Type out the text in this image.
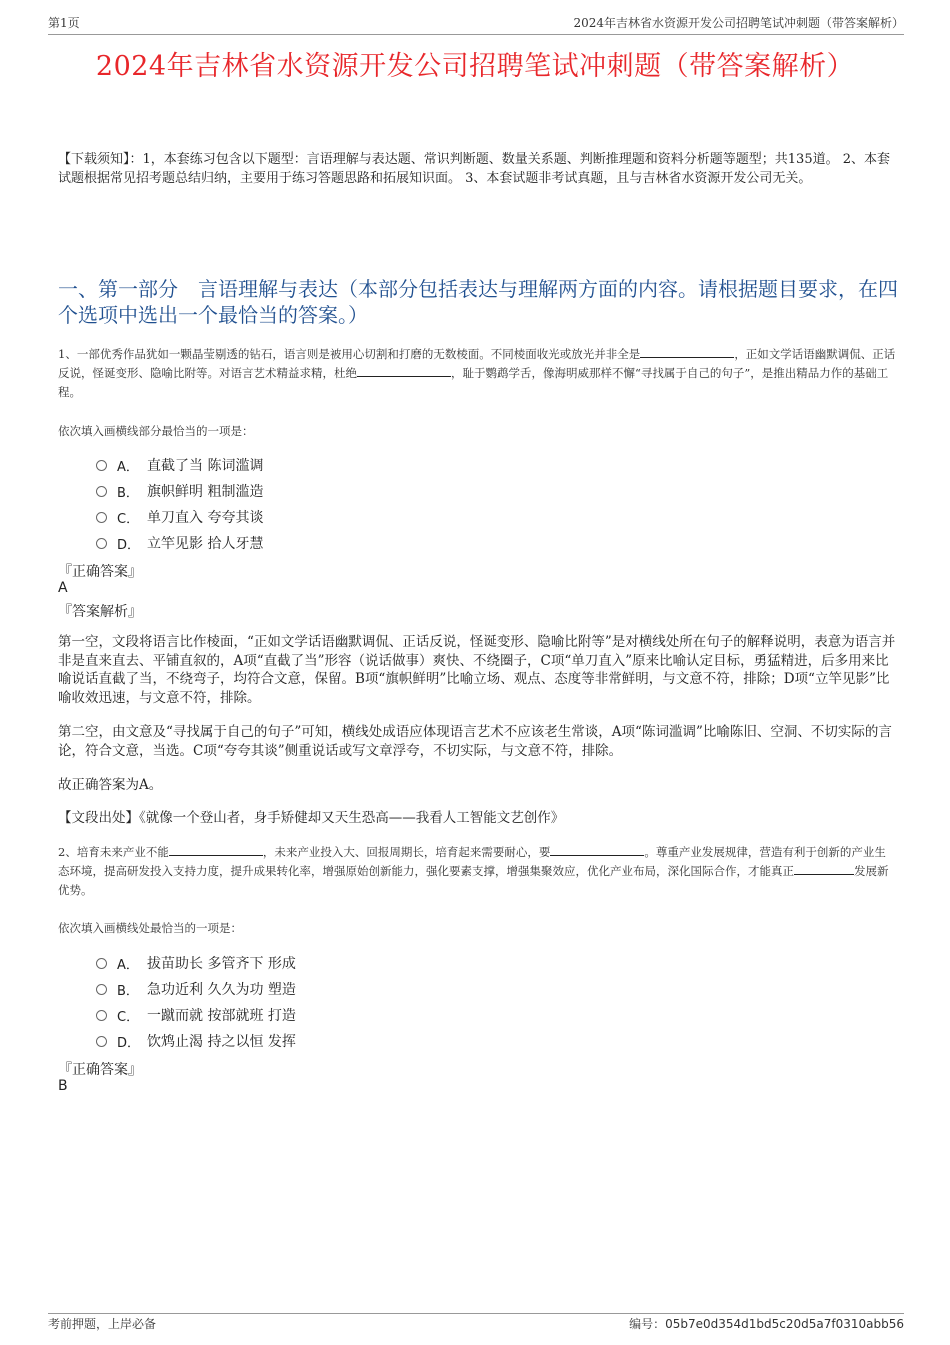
第1页	2024年吉林省水资源开发公司招聘笔试冲刺题（带答案解析）
2024年吉林省水资源开发公司招聘笔试冲刺题（带答案解析）
【下载须知】：1，本套练习包含以下题型：言语理解与表达题、常识判断题、数量关系题、判断推理题和资料分析题等题型；共135道。 2、本套试题根据常见招考题总结归纳，主要用于练习答题思路和拓展知识面。 3、本套试题非考试真题，且与吉林省水资源开发公司无关。
一、第一部分　言语理解与表达（本部分包括表达与理解两方面的内容。请根据题目要求，在四个选项中选出一个最恰当的答案。）
1、一部优秀作品犹如一颗晶莹剔透的钻石，语言则是被用心切割和打磨的无数棱面。不同棱面收光或放光并非全是	，正如文学话语幽默调侃、正话反说，怪诞变形、隐喻比附等。对语言艺术精益求精，杜绝	，耻于鹦鹉学舌，像海明威那样不懈“寻找属于自己的句子”，是推出精品力作的基础工程。
依次填入画横线部分最恰当的一项是：
A． 直截了当 陈词滥调
B． 旗帜鲜明 粗制滥造
C． 单刀直入 夸夸其谈
D． 立竿见影 拾人牙慧
『正确答案』
A
『答案解析』
第一空，文段将语言比作棱面，“正如文学话语幽默调侃、正话反说，怪诞变形、隐喻比附等”是对横线处所在句子的解释说明，表意为语言并非是直来直去、平铺直叙的，A项“直截了当”形容（说话做事）爽快、不绕圈子，C项“单刀直入”原来比喻认定目标，勇猛精进，后多用来比喻说话直截了当，不绕弯子，均符合文意，保留。B项“旗帜鲜明”比喻立场、观点、态度等非常鲜明，与文意不符，排除；D项“立竿见影”比喻收效迅速，与文意不符，排除。
第二空，由文意及“寻找属于自己的句子”可知，横线处成语应体现语言艺术不应该老生常谈，A项“陈词滥调”比喻陈旧、空洞、不切实际的言论，符合文意，当选。C项“夸夸其谈”侧重说话或写文章浮夸，不切实际，与文意不符，排除。
故正确答案为A。
【文段出处】《就像一个登山者，身手矫健却又天生恐高——我看人工智能文艺创作》
2、培育未来产业不能	，未来产业投入大、回报周期长，培育起来需要耐心，要	。尊重产业发展规律，营造有利于创新的产业生态环境，提高研发投入支持力度，提升成果转化率，增强原始创新能力，强化要素支撑，增强集聚效应，优化产业布局，深化国际合作，才能真正	发展新优势。
依次填入画横线处最恰当的一项是：
A． 拔苗助长 多管齐下 形成
B． 急功近利 久久为功 塑造
C． 一蹴而就 按部就班 打造
D． 饮鸩止渴 持之以恒 发挥
『正确答案』
B
考前押题，上岸必备	编号：05b7e0d354d1bd5c20d5a7f0310abb56
